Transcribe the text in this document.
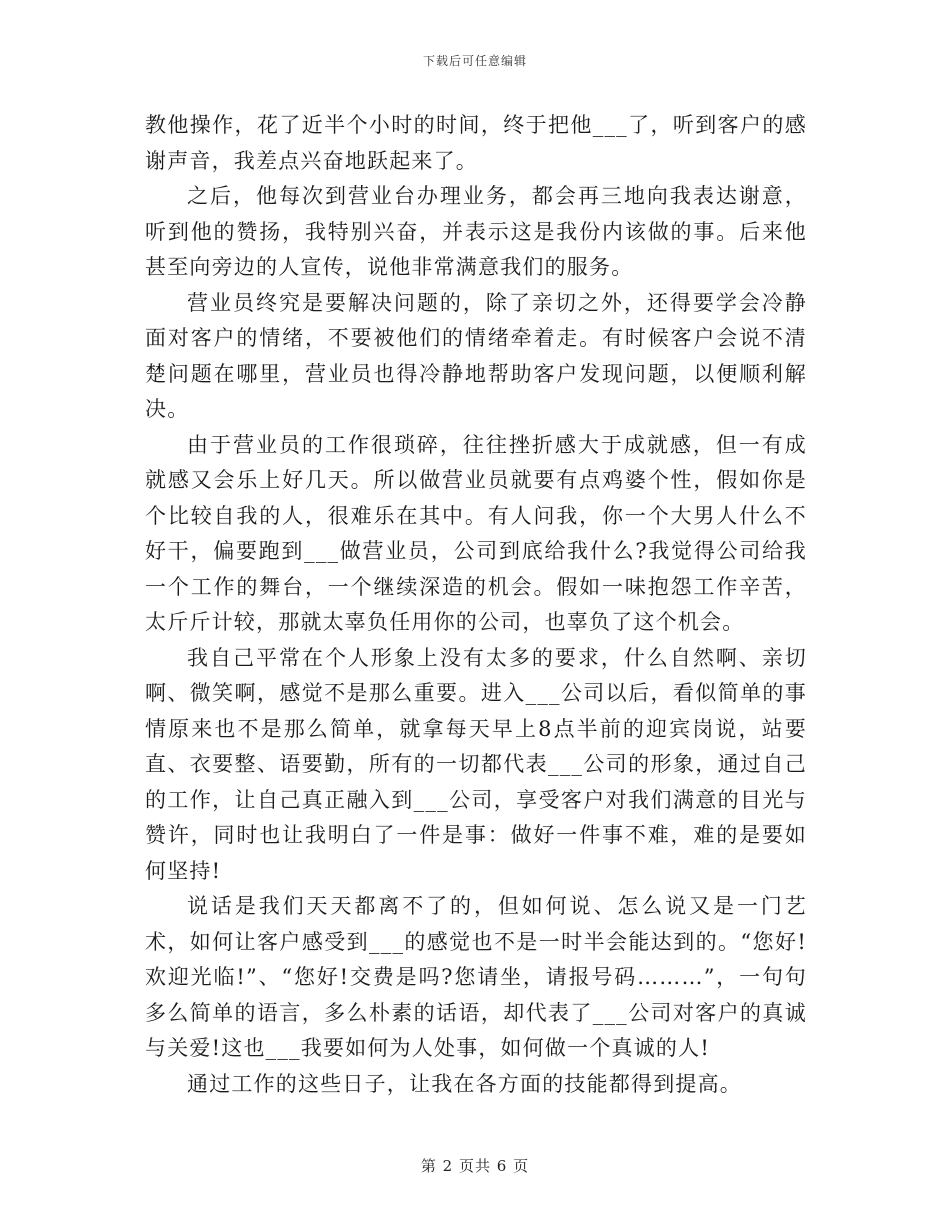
下载后可任意编辑

教他操作，花了近半个小时的时间，终于把他___了，听到客户的感谢声音，我差点兴奋地跃起来了。

之后，他每次到营业台办理业务，都会再三地向我表达谢意，听到他的赞扬，我特别兴奋，并表示这是我份内该做的事。后来他甚至向旁边的人宣传，说他非常满意我们的服务。

营业员终究是要解决问题的，除了亲切之外，还得要学会冷静面对客户的情绪，不要被他们的情绪牵着走。有时候客户会说不清楚问题在哪里，营业员也得冷静地帮助客户发现问题，以便顺利解决。

由于营业员的工作很琐碎，往往挫折感大于成就感，但一有成就感又会乐上好几天。所以做营业员就要有点鸡婆个性，假如你是个比较自我的人，很难乐在其中。有人问我，你一个大男人什么不好干，偏要跑到___做营业员，公司到底给我什么?我觉得公司给我一个工作的舞台，一个继续深造的机会。假如一味抱怨工作辛苦，太斤斤计较，那就太辜负任用你的公司，也辜负了这个机会。

我自己平常在个人形象上没有太多的要求，什么自然啊、亲切啊、微笑啊，感觉不是那么重要。进入___公司以后，看似简单的事情原来也不是那么简单，就拿每天早上8点半前的迎宾岗说，站要直、衣要整、语要勤，所有的一切都代表___公司的形象，通过自己的工作，让自己真正融入到___公司，享受客户对我们满意的目光与赞许，同时也让我明白了一件是事：做好一件事不难，难的是要如何坚持!

说话是我们天天都离不了的，但如何说、怎么说又是一门艺术，如何让客户感受到___的感觉也不是一时半会能达到的。“您好!欢迎光临!”、“您好!交费是吗?您请坐，请报号码………”，一句句多么简单的语言，多么朴素的话语，却代表了___公司对客户的真诚与关爱!这也___我要如何为人处事，如何做一个真诚的人!

通过工作的这些日子，让我在各方面的技能都得到提高。

第 2 页共 6 页
